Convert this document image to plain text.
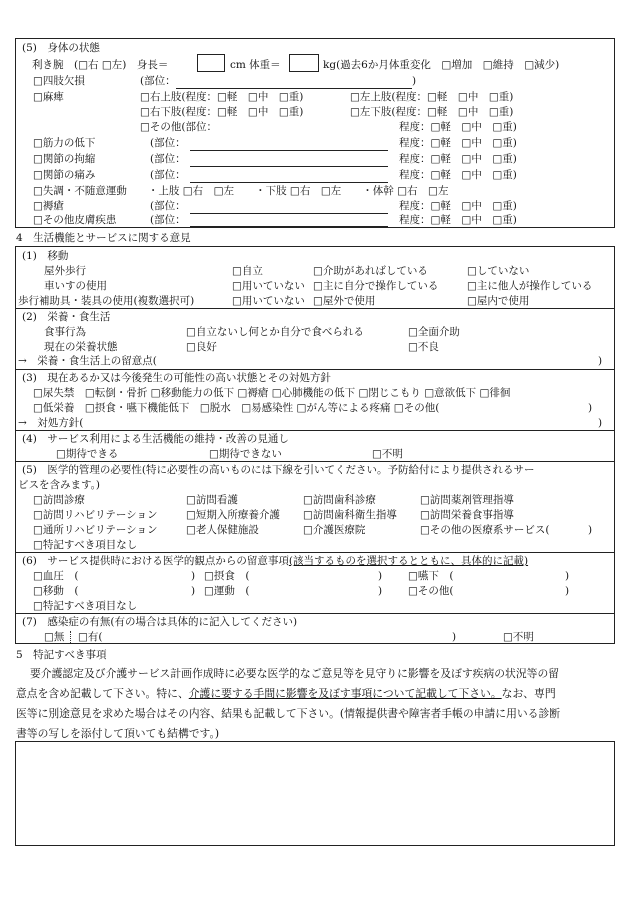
(5)　身体の状態
利き腕　(□右 □左)　身長＝	cm 体重＝	kg(過去6か月体重変化　□増加　□維持　□減少)
□四肢欠損	(部位：	)
□麻痺	□右上肢(程度：□軽　□中　□重)	□左上肢(程度：□軽　□中　□重)
□右下肢(程度：□軽　□中　□重)	□左下肢(程度：□軽　□中　□重)
□その他(部位：	程度：□軽　□中　□重)
□筋力の低下	(部位：	程度：□軽　□中　□重)
□関節の拘縮	(部位：	程度：□軽　□中　□重)
□関節の痛み	(部位：	程度：□軽　□中　□重)
□失調・不随意運動　　・上肢 □右　□左　　・下肢 □右　□左　　・体幹 □右　□左
□褥瘡	(部位：	程度：□軽　□中　□重)
□その他皮膚疾患	(部位：	程度：□軽　□中　□重)
4　生活機能とサービスに関する意見
(1)　移動
屋外歩行	□自立	□介助があればしている	□していない
車いすの使用	□用いていない □主に自分で操作している	□主に他人が操作している
歩行補助具・装具の使用(複数選択可)	□用いていない □屋外で使用	□屋内で使用
(2)　栄養・食生活
食事行為	□自立ないし何とか自分で食べられる	□全面介助
現在の栄養状態	□良好	□不良
→　栄養・食生活上の留意点(	)
(3)　現在あるか又は今後発生の可能性の高い状態とその対処方針
□尿失禁　□転倒・骨折 □移動能力の低下 □褥瘡 □心肺機能の低下 □閉じこもり □意欲低下 □徘徊
□低栄養　□摂食・嚥下機能低下　□脱水　□易感染性 □がん等による疼痛 □その他(	)
→　対処方針(	)
(4)　サービス利用による生活機能の維持・改善の見通し
□期待できる	□期待できない	□不明
(5)　医学的管理の必要性(特に必要性の高いものには下線を引いてください。予防給付により提供されるサー
ビスを含みます。)
□訪問診療	□訪問看護	□訪問歯科診療	□訪問薬剤管理指導
□訪問リハビリテーション	□短期入所療養介護 □訪問歯科衛生指導 □訪問栄養食事指導
□通所リハビリテーション	□老人保健施設	□介護医療院	□その他の医療系サービス(	)
□特記すべき項目なし
(6)　サービス提供時における医学的観点からの留意事項(該当するものを選択するとともに、具体的に記載)
□血圧　(	) □摂食　(	) □嚥下　(	)
□移動　(	) □運動　(	) □その他(	)
□特記すべき項目なし
(7)　感染症の有無(有の場合は具体的に記入してください)
□無 □有(	)	□不明
5　特記すべき事項
要介護認定及び介護サービス計画作成時に必要な医学的なご意見等を見守りに影響を及ぼす疾病の状況等の留
意点を含め記載して下さい。特に、介護に要する手間に影響を及ぼす事項について記載して下さい。なお、専門
医等に別途意見を求めた場合はその内容、結果も記載して下さい。(情報提供書や障害者手帳の申請に用いる診断
書等の写しを添付して頂いても結構です。)
